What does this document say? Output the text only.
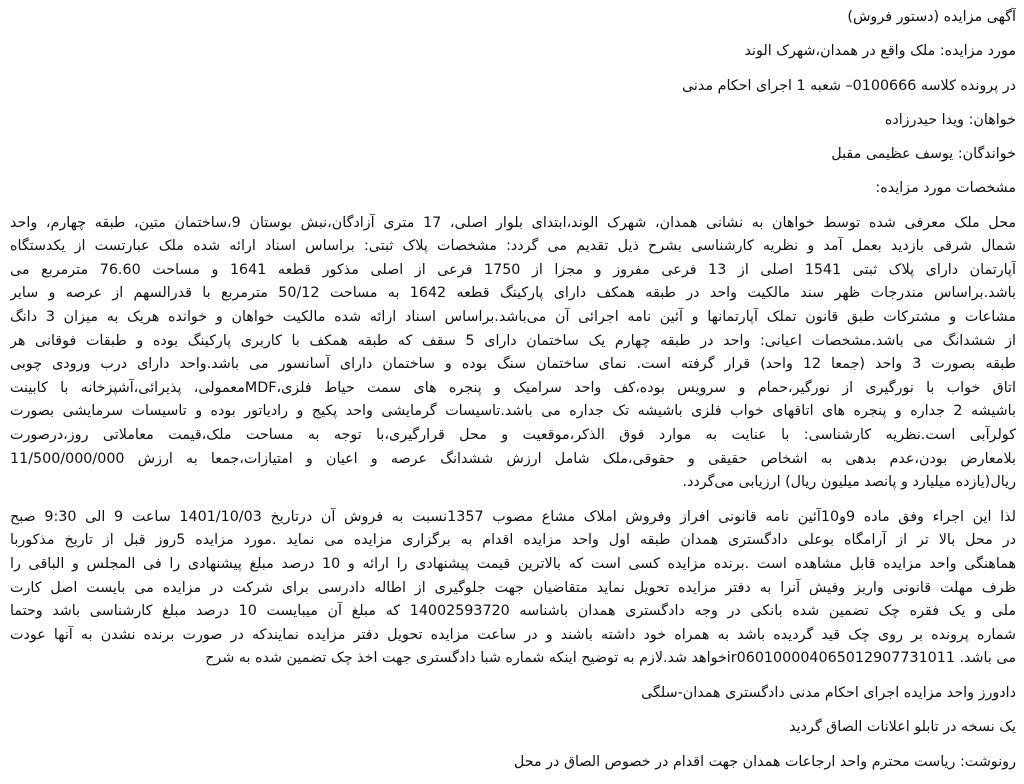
آگهی مزایده (دستور فروش)
مورد مزایده: ملک واقع در همدان،شهرک الوند
در پرونده کلاسه 0100666– شعبه 1 اجرای احکام مدنی
خواهان: ویدا حیدرزاده
خواندگان: یوسف عظیمی مقبل
مشخصات مورد مزایده:
محل ملک معرفی شده توسط خواهان به نشانی همدان، شهرک الوند،ابتدای بلوار اصلی، 17 متری آزادگان،نبش بوستان 9،ساختمان متین، طبقه چهارم، واحد
شمال شرقی بازدید بعمل آمد و نظریه کارشناسی بشرح ذیل تقدیم می گردد: مشخصات پلاک ثبتی: براساس اسناد ارائه شده ملک عبارتست از یکدستگاه
آپارتمان دارای پلاک ثبتی 1541 اصلی از 13 فرعی مفروز و مجزا از 1750 فرعی از اصلی مذکور قطعه 1641 و مساحت 76.60 مترمربع می
باشد.براساس مندرجات ظهر سند مالکیت واحد در طبقه همکف دارای پارکینگ قطعه 1642 به مساحت 50/12 مترمربع با قدرالسهم از عرصه و سایر
مشاعات و مشترکات طبق قانون تملک آپارتمانها و آئین نامه اجرائی آن می‌باشد.براساس اسناد ارائه شده مالکیت خواهان و خوانده هریک به میزان 3 دانگ
از ششدانگ می باشد.مشخصات اعیانی: واحد در طبقه چهارم یک ساختمان دارای 5 سقف که طبقه همکف با کاربری پارکینگ بوده و طبقات فوقانی هر
طبقه بصورت 3 واحد (جمعا 12 واحد) قرار گرفته است. نمای ساختمان سنگ بوده و ساختمان دارای آسانسور می باشد.واحد دارای درب ورودی چوبی
اتاق خواب با نورگیری از نورگیر،حمام و سرویس بوده،کف واحد سرامیک و پنجره های سمت حیاط فلزی،MDFمعمولی، پذیرائی،آشپزخانه با کابینت
باشیشه 2 جداره و پنجره های اتاقهای خواب فلزی باشیشه تک جداره می باشد.تاسیسات گرمایشی واحد پکیج و رادیاتور بوده و تاسیسات سرمایشی بصورت
کولرآبی است.نظریه کارشناسی: با عنایت به موارد فوق الذکر،موقعیت و محل قرارگیری،با توجه به مساحت ملک،قیمت معاملاتی روز،درصورت
بلامعارض بودن،عدم بدهی به اشخاص حقیقی و حقوقی،ملک شامل ارزش ششدانگ عرصه و اعیان و امتیازات،جمعا به ارزش 11/500/000/000
ریال(یازده میلیارد و پانصد میلیون ریال) ارزیابی می‌گردد.
لذا این اجراء وفق ماده 9و10آئین نامه قانونی افراز وفروش املاک مشاع مصوب 1357نسبت به فروش آن درتاریخ 1401/10/03 ساعت 9 الی 9:30 صبح
در محل بالا تر از آرامگاه بوعلی دادگستری همدان طبقه اول واحد مزایده اقدام به برگزاری مزایده می نماید .مورد مزایده 5روز قبل از تاریخ مذکوربا
هماهنگی واحد مزایده قابل مشاهده است .برنده مزایده کسی است که بالاترین قیمت پیشنهادی را ارائه و 10 درصد مبلغ پیشنهادی را فی المجلس و الباقی را
ظرف مهلت قانونی واریز وفیش آنرا به دفتر مزایده تحویل نماید متقاضیان جهت جلوگیری از اطاله دادرسی برای شرکت در مزایده می بایست اصل کارت
ملی و یک فقره چک تضمین شده بانکی در وجه دادگستری همدان باشناسه 14002593720 که مبلغ آن میبایست 10 درصد مبلغ کارشناسی باشد وحتما
شماره پرونده بر روی چک قید گردیده باشد به همراه خود داشته باشند و در ساعت مزایده تحویل دفتر مزایده نمایندکه در صورت برنده نشدن به آنها عودت
می باشد. ir060100004065012907731011خواهد شد.لازم به توضیح اینکه شماره شبا دادگستری جهت اخذ چک تضمین شده به شرح
دادورز واحد مزایده اجرای احکام مدنی دادگستری همدان-سلگی
یک نسخه در تابلو اعلانات الصاق گردید
رونوشت: ریاست محترم واحد ارجاعات همدان جهت اقدام در خصوص الصاق در محل
